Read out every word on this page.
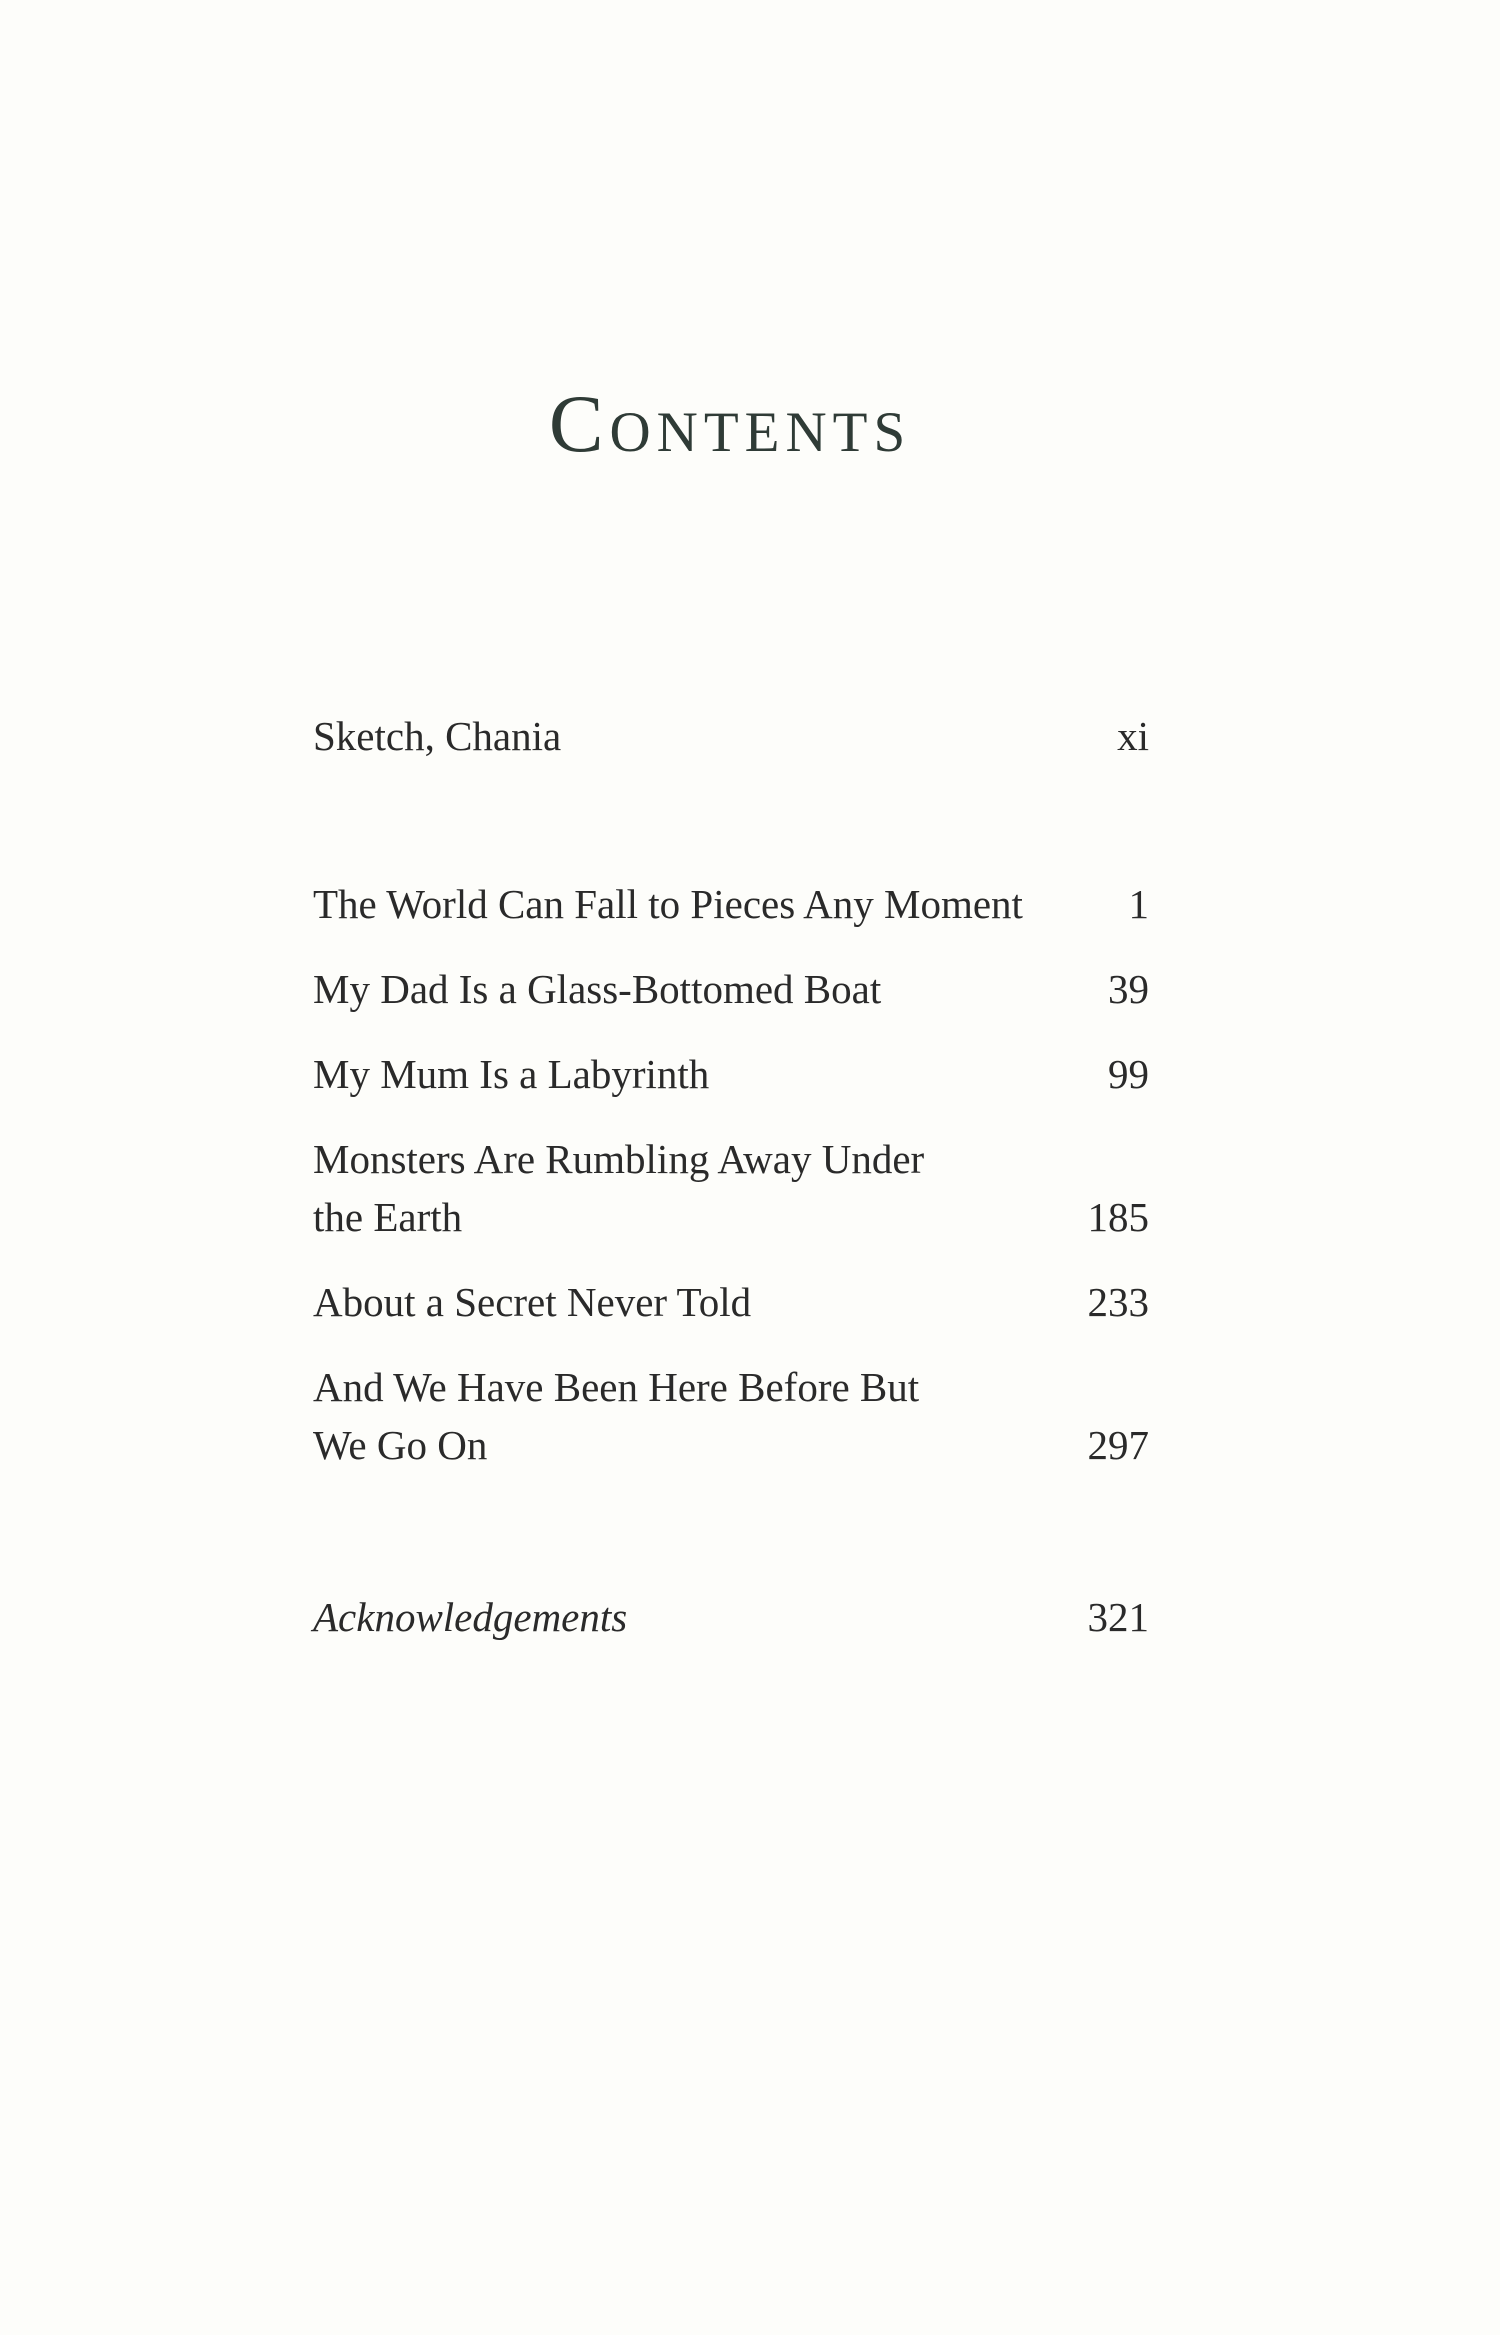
Contents
Sketch, Chania	xi
The World Can Fall to Pieces Any Moment	1
My Dad Is a Glass-Bottomed Boat	39
My Mum Is a Labyrinth	99
Monsters Are Rumbling Away Under the Earth	185
About a Secret Never Told	233
And We Have Been Here Before But We Go On	297
Acknowledgements	321
